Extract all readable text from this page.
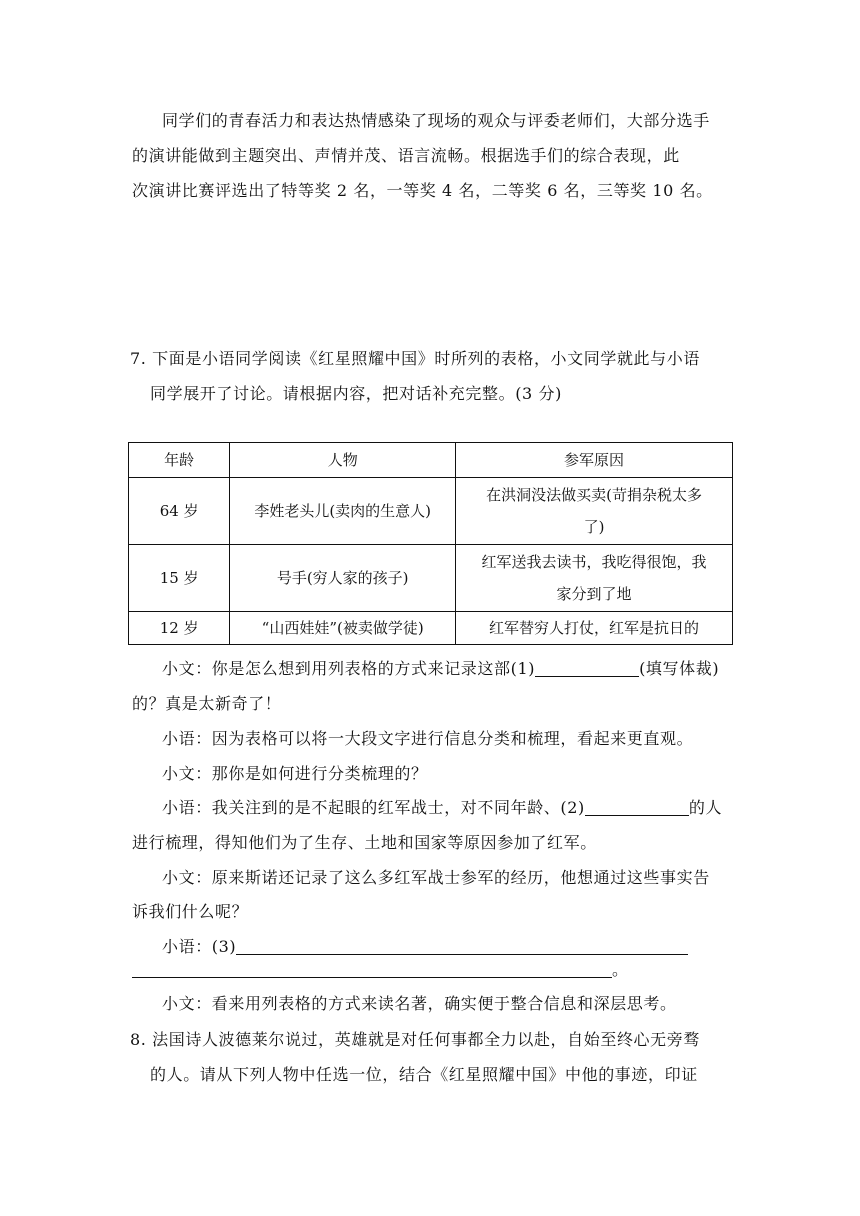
同学们的青春活力和表达热情感染了现场的观众与评委老师们，大部分选手
的演讲能做到主题突出、声情并茂、语言流畅。根据选手们的综合表现，此
次演讲比赛评选出了特等奖 2 名，一等奖 4 名，二等奖 6 名，三等奖 10 名。
7. 下面是小语同学阅读《红星照耀中国》时所列的表格，小文同学就此与小语
同学展开了讨论。请根据内容，把对话补充完整。(3 分)
年龄	人物	参军原因
64 岁	李姓老头儿(卖肉的生意人)	在洪洞没法做买卖(苛捐杂税太多
了)

15 岁	号手(穷人家的孩子)	红军送我去读书，我吃得很饱，我
家分到了地

12 岁	“山西娃娃”(被卖做学徒)	红军替穷人打仗，红军是抗日的
小文：你是怎么想到用列表格的方式来记录这部(1)	(填写体裁)
的？真是太新奇了！
小语：因为表格可以将一大段文字进行信息分类和梳理，看起来更直观。
小文：那你是如何进行分类梳理的？
小语：我关注到的是不起眼的红军战士，对不同年龄、(2)	的人
进行梳理，得知他们为了生存、土地和国家等原因参加了红军。
小文：原来斯诺还记录了这么多红军战士参军的经历，他想通过这些事实告
诉我们什么呢？
小语：(3)
。
小文：看来用列表格的方式来读名著，确实便于整合信息和深层思考。
8. 法国诗人波德莱尔说过，英雄就是对任何事都全力以赴，自始至终心无旁骛
的人。请从下列人物中任选一位，结合《红星照耀中国》中他的事迹，印证
